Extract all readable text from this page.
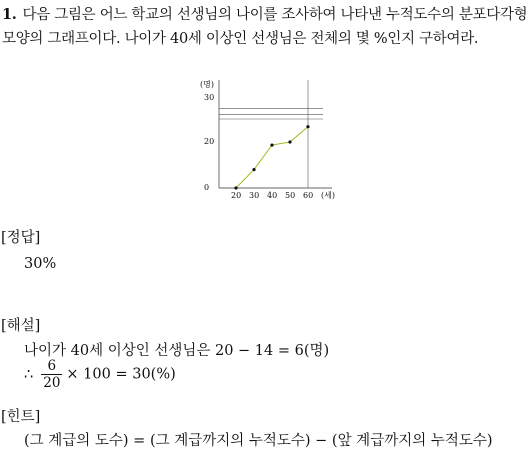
1. 다음 그림은 어느 학교의 선생님의 나이를 조사하여 나타낸 누적도수의 분포다각형 모양의 그래프이다. 나이가 40세 이상인 선생님은 전체의 몇 %인지 구하여라.
(명)
(세)
0
20
30
20 30 40 50 60
[정답]
30%
[해설]
나이가 40세 이상인 선생님은 20 − 14 = 6(명)
∴ $\frac{6}{20} \times 100 = 30(\%)$
[힌트]
(그 계급의 도수) = (그 계급까지의 누적도수) − (앞 계급까지의 누적도수)
